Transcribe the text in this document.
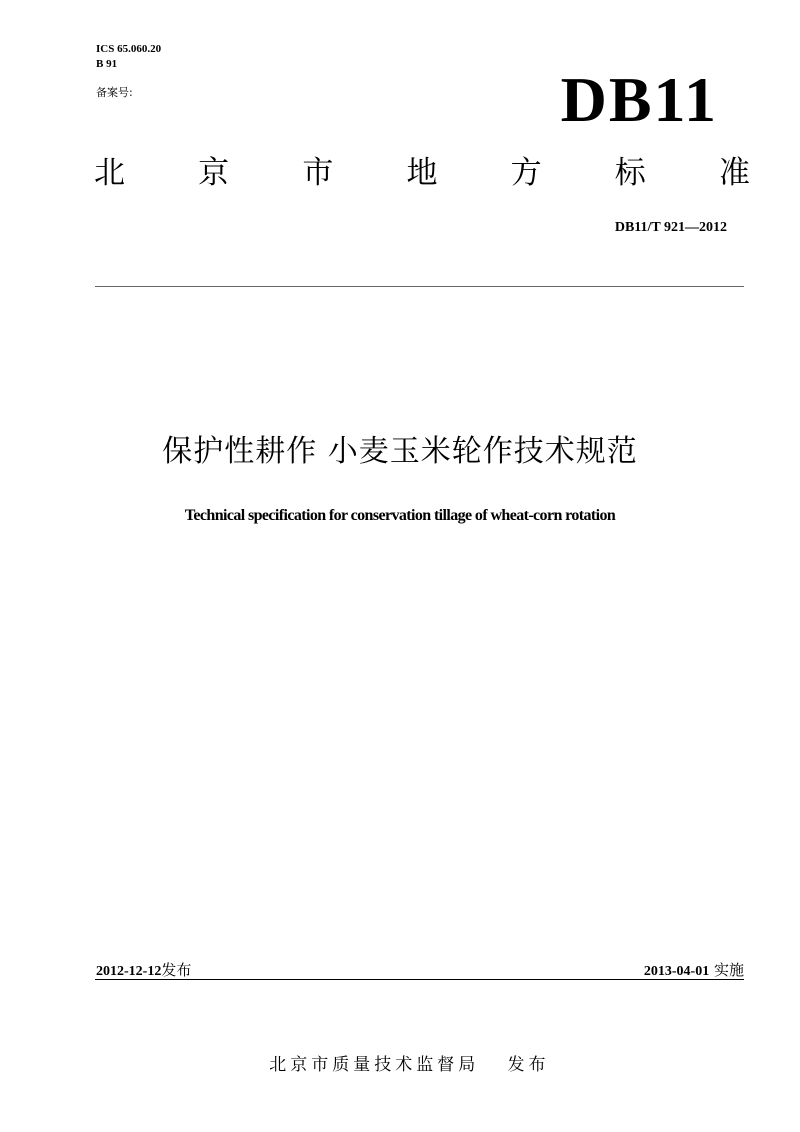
ICS 65.060.20
B 91
备案号:	DB11
北 京 市 地 方 标 准
DB11/T 921—2012
保护性耕作 小麦玉米轮作技术规范
Technical specification for conservation tillage of wheat-corn rotation
2012-12-12发布	2013-04-01 实施

北京市质量技术监督局 发布
